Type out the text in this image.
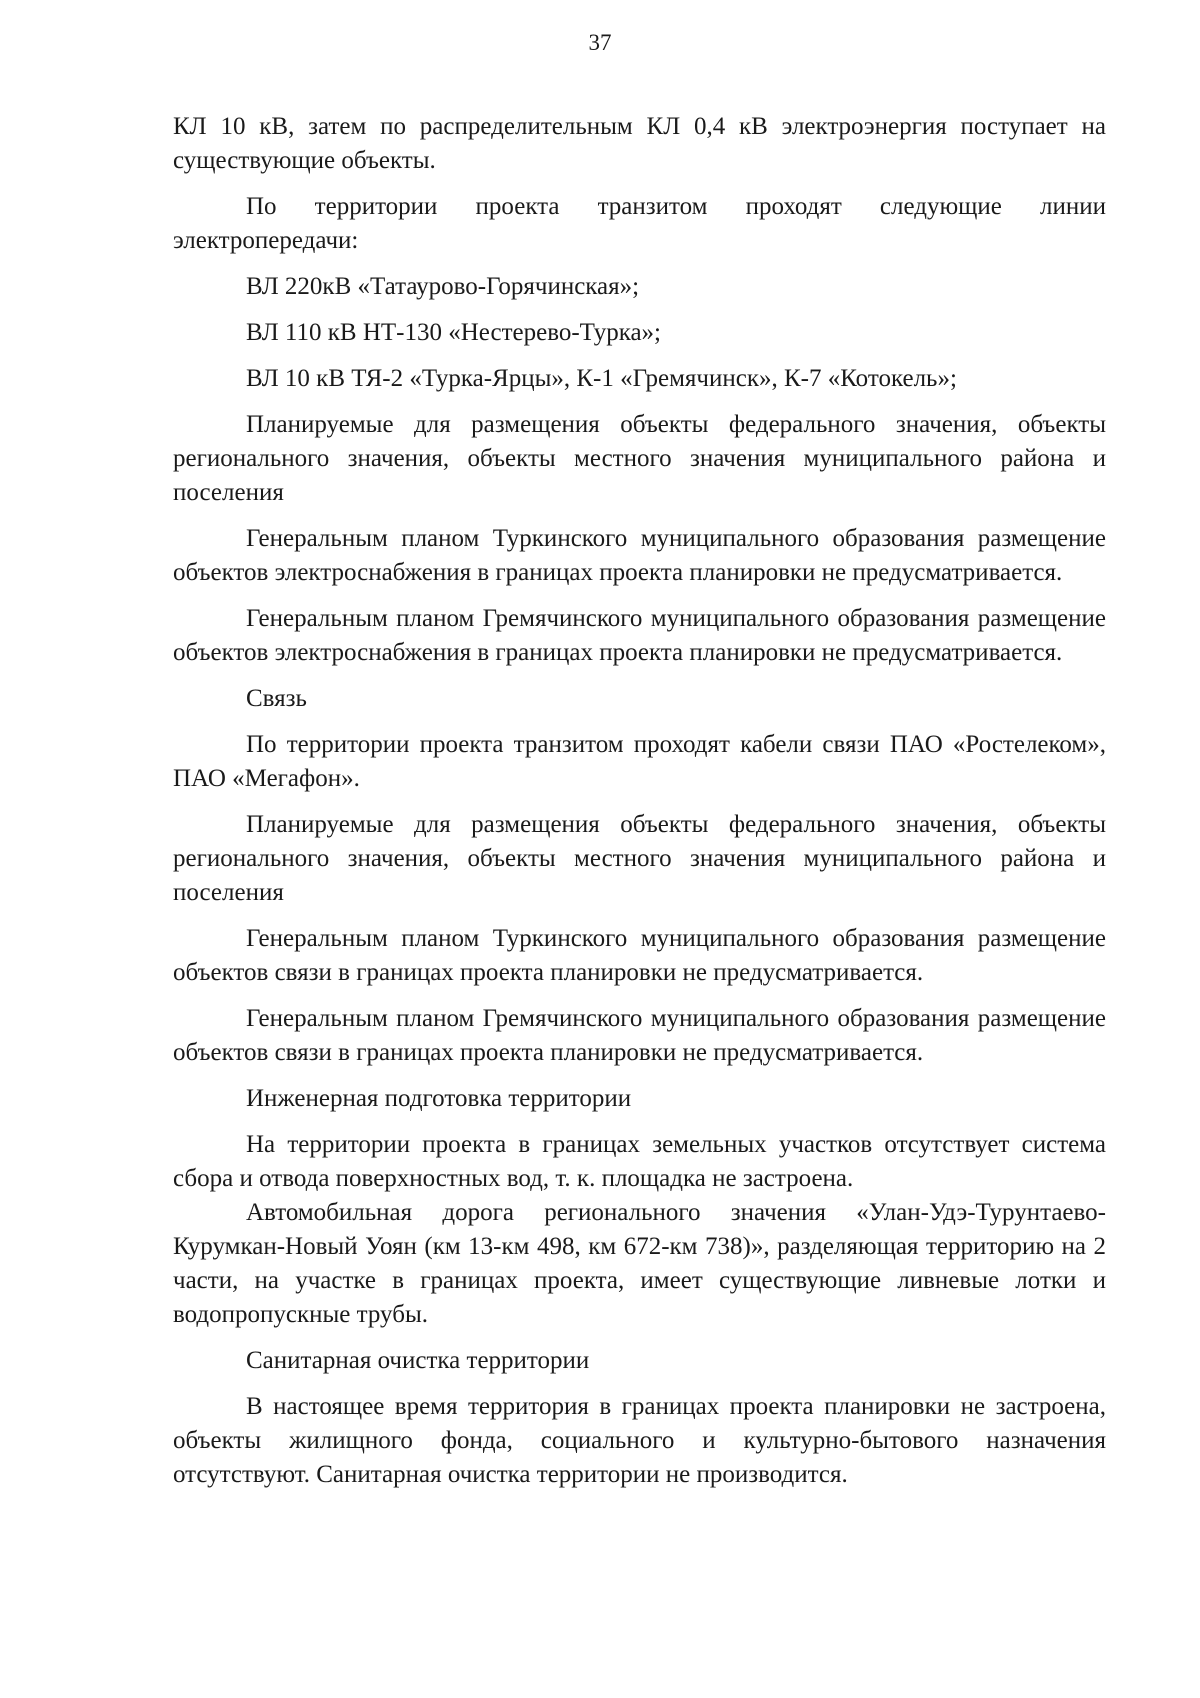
37

КЛ 10 кВ, затем по распределительным КЛ 0,4 кВ электроэнергия поступает на существующие объекты.

По территории проекта транзитом проходят следующие линии электропередачи:

ВЛ 220кВ «Татаурово-Горячинская»;

ВЛ 110 кВ НТ-130 «Нестерево-Турка»;

ВЛ 10 кВ ТЯ-2 «Турка-Ярцы», К-1 «Гремячинск», К-7 «Котокель»;

Планируемые для размещения объекты федерального значения, объекты регионального значения, объекты местного значения муниципального района и поселения

Генеральным планом Туркинского муниципального образования размещение объектов электроснабжения в границах проекта планировки не предусматривается.

Генеральным планом Гремячинского муниципального образования размещение объектов электроснабжения в границах проекта планировки не предусматривается.

Связь

По территории проекта транзитом проходят кабели связи ПАО «Ростелеком», ПАО «Мегафон».

Планируемые для размещения объекты федерального значения, объекты регионального значения, объекты местного значения муниципального района и поселения

Генеральным планом Туркинского муниципального образования размещение объектов связи в границах проекта планировки не предусматривается.

Генеральным планом Гремячинского муниципального образования размещение объектов связи в границах проекта планировки не предусматривается.

Инженерная подготовка территории

На территории проекта в границах земельных участков отсутствует система сбора и отвода поверхностных вод, т. к. площадка не застроена.

Автомобильная дорога регионального значения «Улан-Удэ-Турунтаево-Курумкан-Новый Уоян (км 13-км 498, км 672-км 738)», разделяющая территорию на 2 части, на участке в границах проекта, имеет существующие ливневые лотки и водопропускные трубы.

Санитарная очистка территории

В настоящее время территория в границах проекта планировки не застроена, объекты жилищного фонда, социального и культурно-бытового назначения отсутствуют. Санитарная очистка территории не производится.
